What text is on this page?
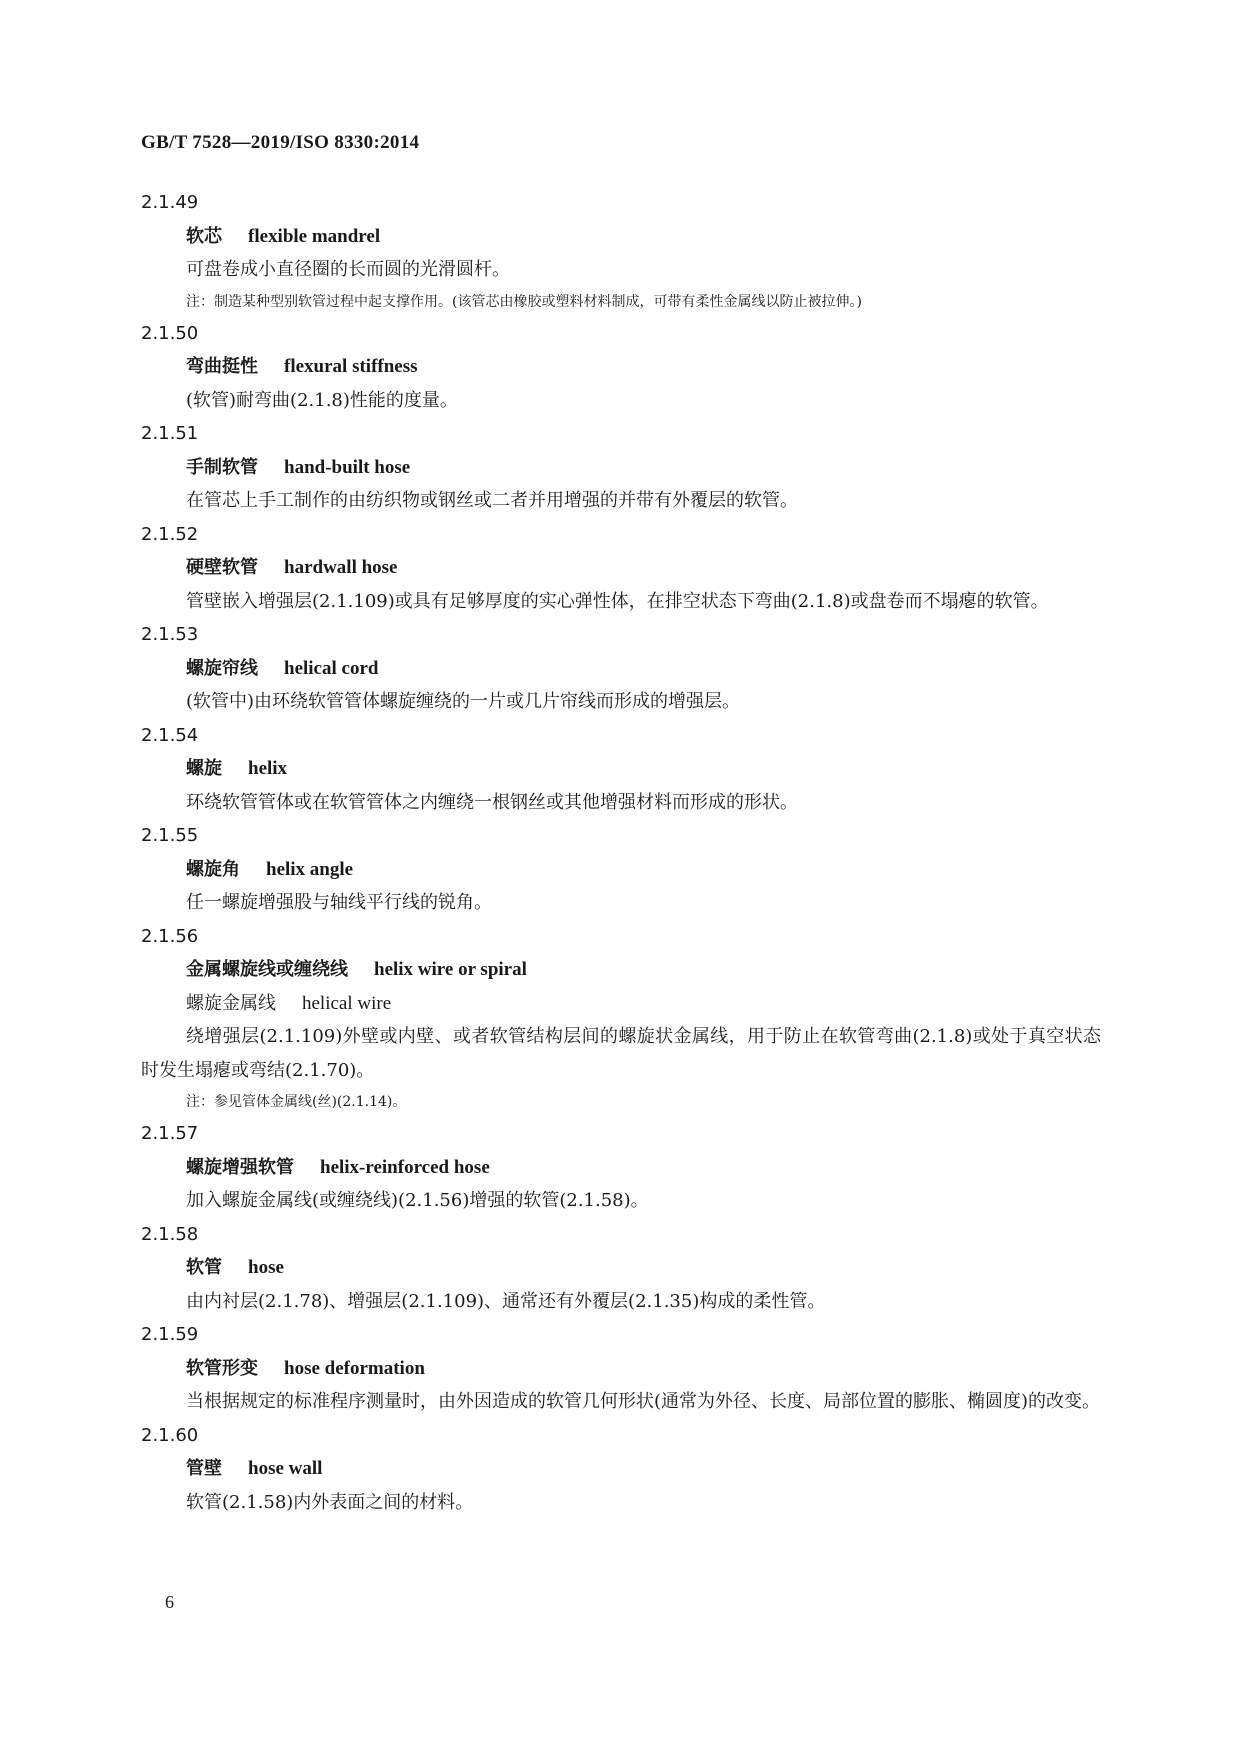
GB/T 7528—2019/ISO 8330:2014
2.1.49
软芯 flexible mandrel

可盘卷成小直径圈的长而圆的光滑圆杆。

注：制造某种型别软管过程中起支撑作用。(该管芯由橡胶或塑料材料制成，可带有柔性金属线以防止被拉伸。)
2.1.50
弯曲挺性 flexural stiffness

(软管)耐弯曲(2.1.8)性能的度量。

2.1.51
手制软管 hand-built hose

在管芯上手工制作的由纺织物或钢丝或二者并用增强的并带有外覆层的软管。

2.1.52
硬壁软管 hardwall hose

管壁嵌入增强层(2.1.109)或具有足够厚度的实心弹性体，在排空状态下弯曲(2.1.8)或盘卷而不塌瘪的软管。

2.1.53
螺旋帘线 helical cord

(软管中)由环绕软管管体螺旋缠绕的一片或几片帘线而形成的增强层。

2.1.54
螺旋 helix

环绕软管管体或在软管管体之内缠绕一根钢丝或其他增强材料而形成的形状。

2.1.55
螺旋角 helix angle

任一螺旋增强股与轴线平行线的锐角。

2.1.56
金属螺旋线或缠绕线 helix wire or spiral
螺旋金属线 helical wire

绕增强层(2.1.109)外壁或内壁、或者软管结构层间的螺旋状金属线，用于防止在软管弯曲(2.1.8)或处于真空状态时发生塌瘪或弯结(2.1.70)。

注：参见管体金属线(丝)(2.1.14)。
2.1.57
螺旋增强软管 helix-reinforced hose

加入螺旋金属线(或缠绕线)(2.1.56)增强的软管(2.1.58)。

2.1.58
软管 hose

由内衬层(2.1.78)、增强层(2.1.109)、通常还有外覆层(2.1.35)构成的柔性管。

2.1.59
软管形变 hose deformation

当根据规定的标准程序测量时，由外因造成的软管几何形状(通常为外径、长度、局部位置的膨胀、椭圆度)的改变。

2.1.60
管壁 hose wall

软管(2.1.58)内外表面之间的材料。

6
